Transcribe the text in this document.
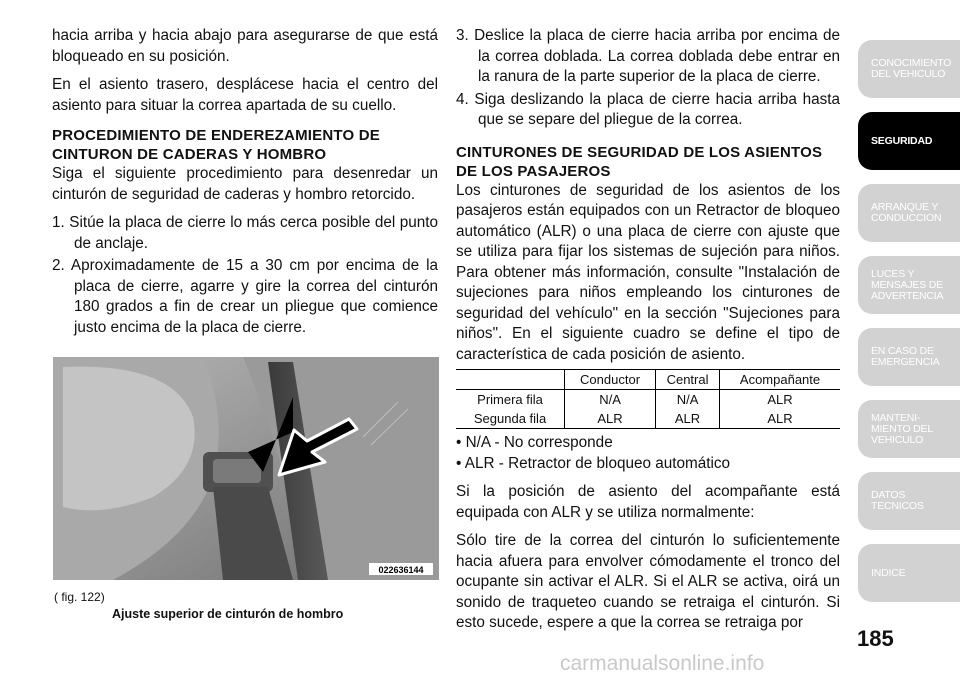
hacia arriba y hacia abajo para asegurarse de que está bloqueado en su posición.

En el asiento trasero, desplácese hacia el centro del asiento para situar la correa apartada de su cuello.

PROCEDIMIENTO DE ENDEREZAMIENTO DE CINTURON DE CADERAS Y HOMBRO

Siga el siguiente procedimiento para desenredar un cinturón de seguridad de caderas y hombro retorcido.

1. Sitúe la placa de cierre lo más cerca posible del punto de anclaje.

2. Aproximadamente de 15 a 30 cm por encima de la placa de cierre, agarre y gire la correa del cinturón 180 grados a fin de crear un pliegue que comience justo encima de la placa de cierre.

022636144
( fig. 122)
Ajuste superior de cinturón de hombro

3. Deslice la placa de cierre hacia arriba por encima de la correa doblada. La correa doblada debe entrar en la ranura de la parte superior de la placa de cierre.

4. Siga deslizando la placa de cierre hacia arriba hasta que se separe del pliegue de la correa.

CINTURONES DE SEGURIDAD DE LOS ASIENTOS DE LOS PASAJEROS

Los cinturones de seguridad de los asientos de los pasajeros están equipados con un Retractor de bloqueo automático (ALR) o una placa de cierre con ajuste que se utiliza para fijar los sistemas de sujeción para niños. Para obtener más información, consulte "Instalación de sujeciones para niños empleando los cinturones de seguridad del vehículo" en la sección "Sujeciones para niños". En el siguiente cuadro se define el tipo de característica de cada posición de asiento.

	Conductor	Central	Acompañante
Primera fila	N/A	N/A	ALR
Segunda fila	ALR	ALR	ALR

• N/A - No corresponde

• ALR - Retractor de bloqueo automático

Si la posición de asiento del acompañante está equipada con ALR y se utiliza normalmente:

Sólo tire de la correa del cinturón lo suficientemente hacia afuera para envolver cómodamente el tronco del ocupante sin activar el ALR. Si el ALR se activa, oirá un sonido de traqueteo cuando se retraiga el cinturón. Si esto sucede, espere a que la correa se retraiga por

CONOCIMIENTO
DEL VEHICULO
SEGURIDAD
ARRANQUE Y
CONDUCCION
LUCES Y
MENSAJES DE
ADVERTENCIA
EN CASO DE
EMERGENCIA
MANTENI-
MIENTO DEL
VEHICULO
DATOS
TECNICOS
INDICE
185
carmanualsonline.info
